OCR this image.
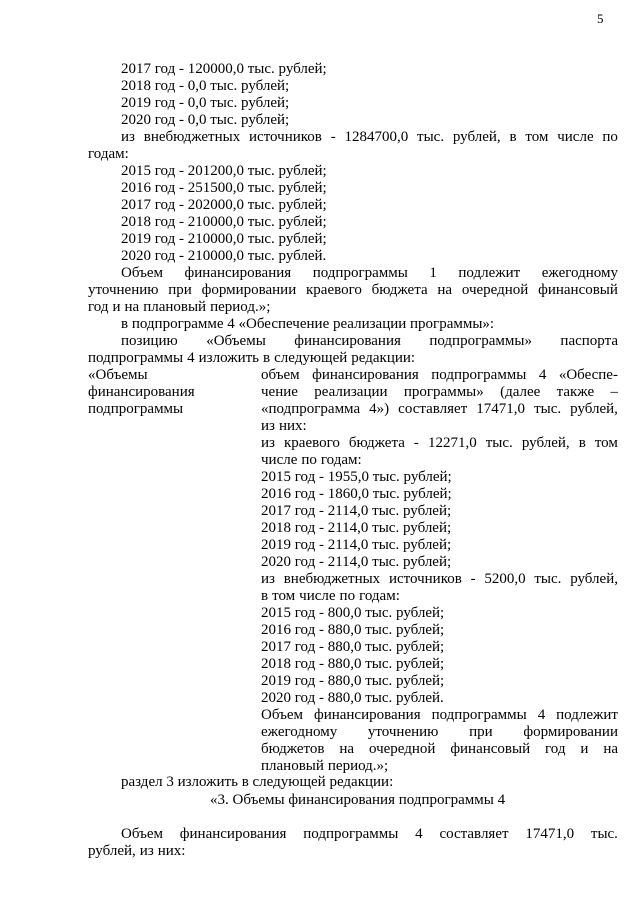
5
2017 год - 120000,0 тыс. рублей;
2018 год - 0,0 тыс. рублей;
2019 год - 0,0 тыс. рублей;
2020 год - 0,0 тыс. рублей;
из внебюджетных источников - 1284700,0 тыс. рублей, в том числе по
годам:
2015 год - 201200,0 тыс. рублей;
2016 год - 251500,0 тыс. рублей;
2017 год - 202000,0 тыс. рублей;
2018 год - 210000,0 тыс. рублей;
2019 год - 210000,0 тыс. рублей;
2020 год - 210000,0 тыс. рублей.
Объем финансирования подпрограммы 1 подлежит ежегодному
уточнению при формировании краевого бюджета на очередной финансовый
год и на плановый период.»;
в подпрограмме 4 «Обеспечение реализации программы»:
позицию «Объемы финансирования подпрограммы» паспорта
подпрограммы 4 изложить в следующей редакции:
«Объемы
финансирования
подпрограммы
объем финансирования подпрограммы 4 «Обеспе-
чение реализации программы» (далее также –
«подпрограмма 4») составляет 17471,0 тыс. рублей,
из них:
из краевого бюджета - 12271,0 тыс. рублей, в том
числе по годам:
2015 год - 1955,0 тыс. рублей;
2016 год - 1860,0 тыс. рублей;
2017 год - 2114,0 тыс. рублей;
2018 год - 2114,0 тыс. рублей;
2019 год - 2114,0 тыс. рублей;
2020 год - 2114,0 тыс. рублей;
из внебюджетных источников - 5200,0 тыс. рублей,
в том числе по годам:
2015 год - 800,0 тыс. рублей;
2016 год - 880,0 тыс. рублей;
2017 год - 880,0 тыс. рублей;
2018 год - 880,0 тыс. рублей;
2019 год - 880,0 тыс. рублей;
2020 год - 880,0 тыс. рублей.
Объем финансирования подпрограммы 4 подлежит
ежегодному уточнению при формировании
бюджетов на очередной финансовый год и на
плановый период.»;
раздел 3 изложить в следующей редакции:
«3. Объемы финансирования подпрограммы 4
Объем финансирования подпрограммы 4 составляет 17471,0 тыс.
рублей, из них:
